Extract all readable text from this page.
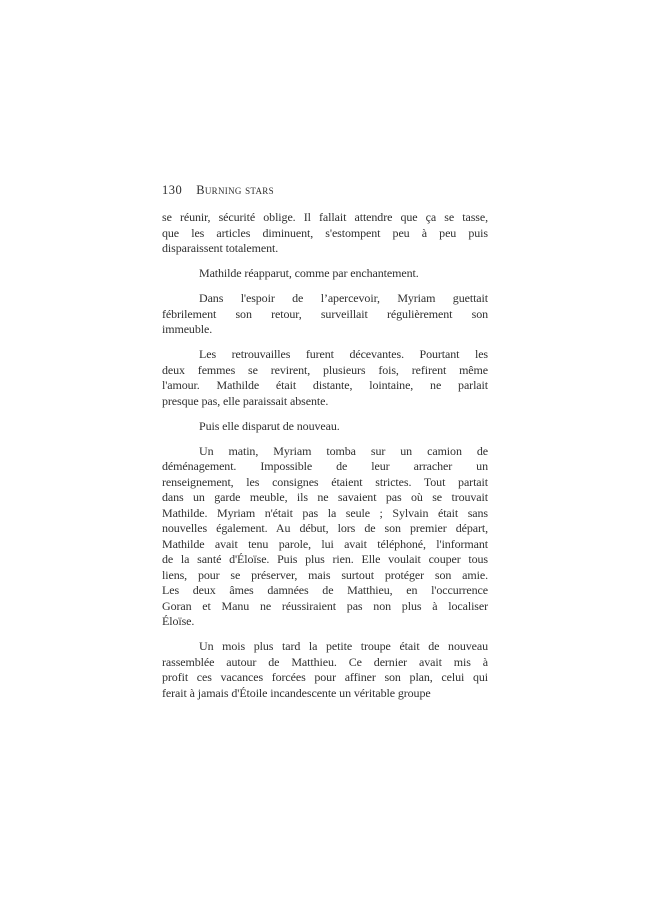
130 Burning stars
se réunir, sécurité oblige. Il fallait attendre que ça se tasse,
que les articles diminuent, s'estompent peu à peu puis
disparaissent totalement.
Mathilde réapparut, comme par enchantement.
Dans l'espoir de l’apercevoir, Myriam guettait
fébrilement son retour, surveillait régulièrement son
immeuble.
Les retrouvailles furent décevantes. Pourtant les
deux femmes se revirent, plusieurs fois, refirent même
l'amour. Mathilde était distante, lointaine, ne parlait
presque pas, elle paraissait absente.
Puis elle disparut de nouveau.
Un matin, Myriam tomba sur un camion de
déménagement. Impossible de leur arracher un
renseignement, les consignes étaient strictes. Tout partait
dans un garde meuble, ils ne savaient pas où se trouvait
Mathilde. Myriam n'était pas la seule ; Sylvain était sans
nouvelles également. Au début, lors de son premier départ,
Mathilde avait tenu parole, lui avait téléphoné, l'informant
de la santé d'Éloïse. Puis plus rien. Elle voulait couper tous
liens, pour se préserver, mais surtout protéger son amie.
Les deux âmes damnées de Matthieu, en l'occurrence
Goran et Manu ne réussiraient pas non plus à localiser
Éloïse.
Un mois plus tard la petite troupe était de nouveau
rassemblée autour de Matthieu. Ce dernier avait mis à
profit ces vacances forcées pour affiner son plan, celui qui
ferait à jamais d'Étoile incandescente un véritable groupe
